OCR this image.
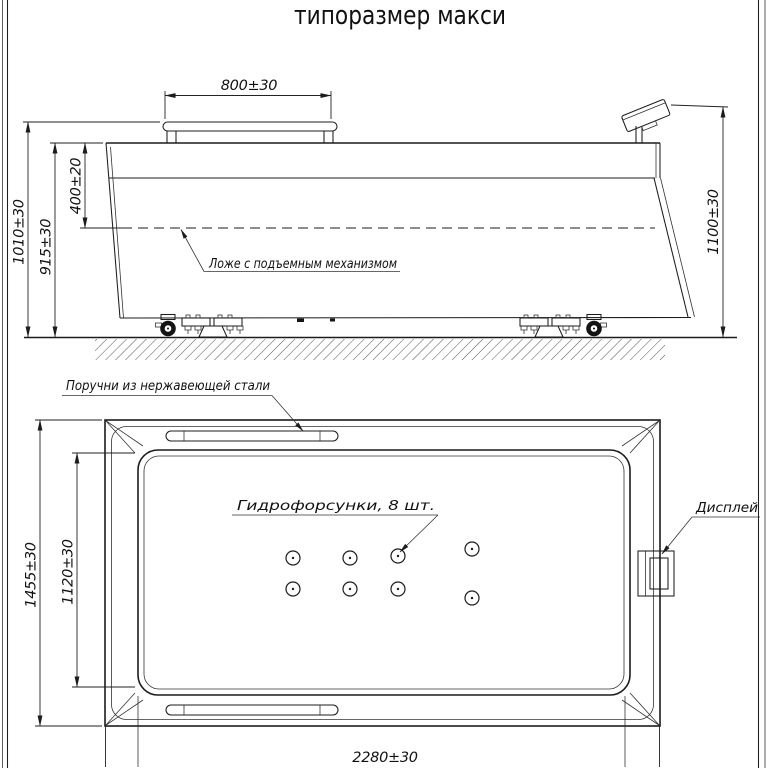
типоразмер макси
800±30
1010±30 915±30
400±20
1100±30
Ложе с подъемным механизмом
1455±30 1120±30
2280±30
Поручни из нержавеющей стали
Гидрофорсунки, 8 шт.	Дисплей
